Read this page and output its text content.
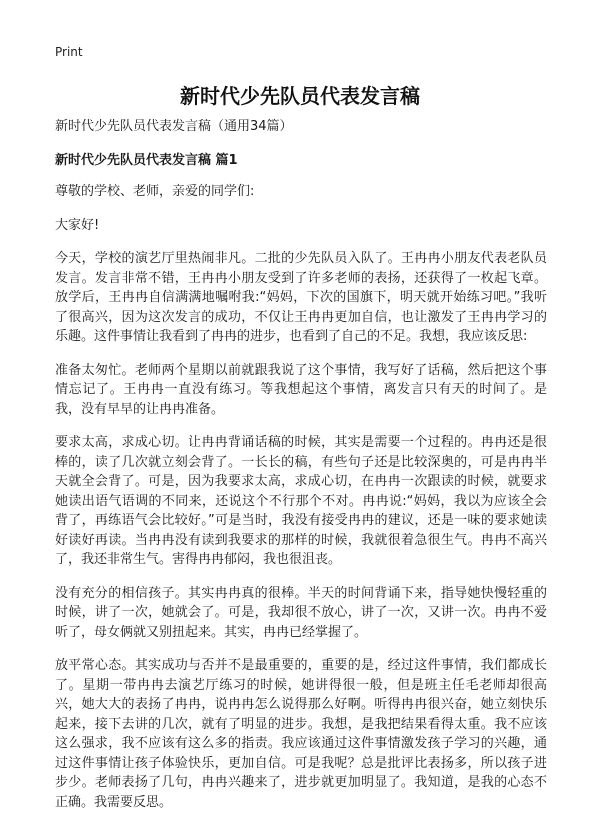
Print
新时代少先队员代表发言稿

新时代少先队员代表发言稿（通用34篇）

新时代少先队员代表发言稿 篇1

尊敬的学校、老师，亲爱的同学们:

大家好!

今天，学校的演艺厅里热闹非凡。二批的少先队员入队了。王冉冉小朋友代表老队员发言。发言非常不错，王冉冉小朋友受到了许多老师的表扬，还获得了一枚起飞章。放学后，王冉冉自信满满地嘱咐我:“妈妈，下次的国旗下，明天就开始练习吧。”我听了很高兴，因为这次发言的成功，不仅让王冉冉更加自信，也让激发了王冉冉学习的乐趣。这件事情让我看到了冉冉的进步，也看到了自己的不足。我想，我应该反思:

准备太匆忙。老师两个星期以前就跟我说了这个事情，我写好了话稿，然后把这个事情忘记了。王冉冉一直没有练习。等我想起这个事情，离发言只有天的时间了。是我，没有早早的让冉冉准备。

要求太高，求成心切。让冉冉背诵话稿的时候，其实是需要一个过程的。冉冉还是很棒的，读了几次就立刻会背了。一长长的稿，有些句子还是比较深奥的，可是冉冉半天就全会背了。可是，因为我要求太高，求成心切，在冉冉一次跟读的时候，就要求她读出语气语调的不同来，还说这个不行那个不对。冉冉说:“妈妈，我以为应该全会背了，再练语气会比较好。”可是当时，我没有接受冉冉的建议，还是一味的要求她读好读好再读。当冉冉没有读到我要求的那样的时候，我就很着急很生气。冉冉不高兴了，我还非常生气。害得冉冉郁闷，我也很沮丧。

没有充分的相信孩子。其实冉冉真的很棒。半天的时间背诵下来，指导她快慢轻重的时候，讲了一次，她就会了。可是，我却很不放心，讲了一次，又讲一次。冉冉不爱听了，母女俩就又别扭起来。其实，冉冉已经掌握了。

放平常心态。其实成功与否并不是最重要的，重要的是，经过这件事情，我们都成长了。星期一带冉冉去演艺厅练习的时候，她讲得很一般，但是班主任毛老师却很高兴，她大大的表扬了冉冉，说冉冉怎么说得那么好啊。听得冉冉很兴奋，她立刻快乐起来，接下去讲的几次，就有了明显的进步。我想，是我把结果看得太重。我不应该这么强求，我不应该有这么多的指责。我应该通过这件事情激发孩子学习的兴趣，通过这件事情让孩子体验快乐，更加自信。可是我呢？总是批评比表扬多，所以孩子进步少。老师表扬了几句，冉冉兴趣来了，进步就更加明显了。我知道，是我的心态不正确。我需要反思。
